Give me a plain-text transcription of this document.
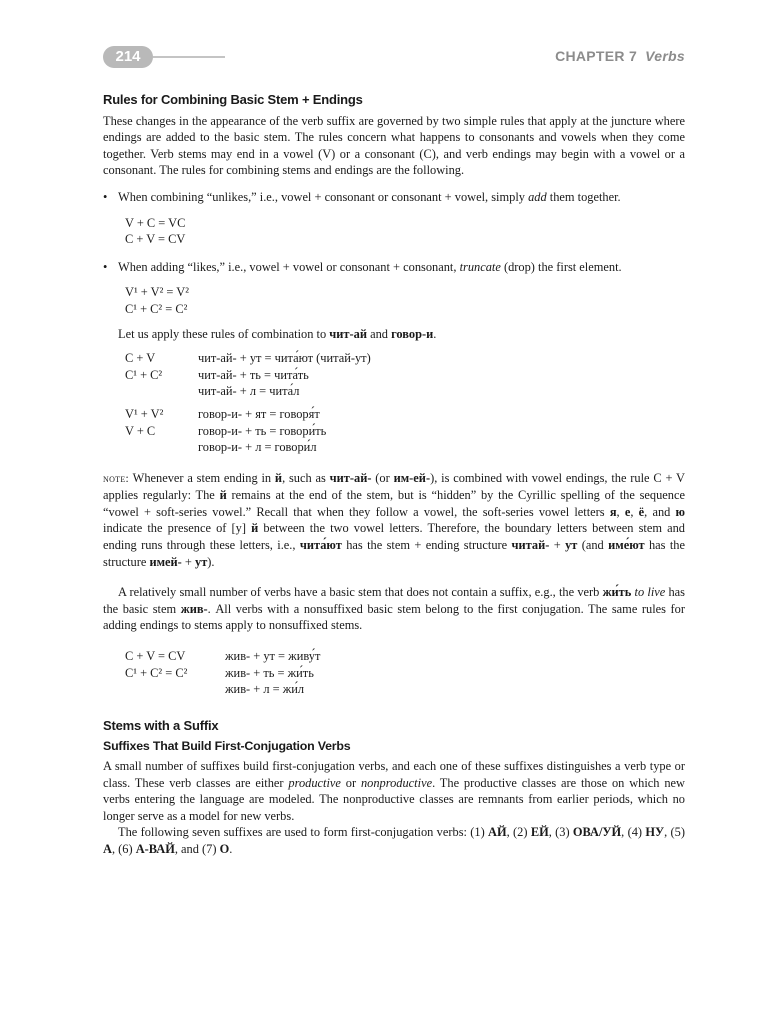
214	CHAPTER 7 Verbs
Rules for Combining Basic Stem + Endings

These changes in the appearance of the verb suffix are governed by two simple rules that apply at the juncture where endings are added to the basic stem. The rules concern what happens to consonants and vowels when they come together. Verb stems may end in a vowel (V) or a consonant (C), and verb endings may begin with a vowel or a consonant. The rules for combining stems and endings are the following.

• When combining “unlikes,” i.e., vowel + consonant or consonant + vowel, simply add them together.
V + C = VC
C + V = CV
• When adding “likes,” i.e., vowel + vowel or consonant + consonant, truncate (drop) the first element.
V¹ + V² = V²
C¹ + C² = C²
Let us apply these rules of combination to чит-ай and говор-и.
C + V	чит-ай- + ут = чита́ют (читай-ут)
C¹ + C²	чит-ай- + ть = чита́ть
чит-ай- + л = чита́л
V¹ + V²	говор-и- + ят = говоря́т
V + C	говор-и- + ть = говори́ть
говор-и- + л = говори́л

note: Whenever a stem ending in й, such as чит-ай- (or им-ей-), is combined with vowel endings, the rule C + V applies regularly: The й remains at the end of the stem, but is “hidden” by the Cyrillic spelling of the sequence “vowel + soft-series vowel.” Recall that when they follow a vowel, the soft-series vowel letters я, е, ё, and ю indicate the presence of [y] й between the two vowel letters. Therefore, the boundary letters between stem and ending runs through these letters, i.e., чита́ют has the stem + ending structure читай- + ут (and име́ют has the structure имей- + ут).

A relatively small number of verbs have a basic stem that does not contain a suffix, e.g., the verb жи́ть to live has the basic stem жив-. All verbs with a nonsuffixed basic stem belong to the first conjugation. The same rules for adding endings to stems apply to nonsuffixed stems.

C + V = CV	жив- + ут = живу́т
C¹ + C² = C²	жив- + ть = жи́ть
жив- + л = жи́л
Stems with a Suffix
Suffixes That Build First-Conjugation Verbs

A small number of suffixes build first-conjugation verbs, and each one of these suffixes distinguishes a verb type or class. These verb classes are either productive or nonproductive. The productive classes are those on which new verbs entering the language are modeled. The nonproductive classes are remnants from earlier periods, which no longer serve as a model for new verbs.

The following seven suffixes are used to form first-conjugation verbs: (1) АЙ, (2) ЕЙ, (3) ОВА/УЙ, (4) НУ, (5) А, (6) А-ВАЙ, and (7) О.
